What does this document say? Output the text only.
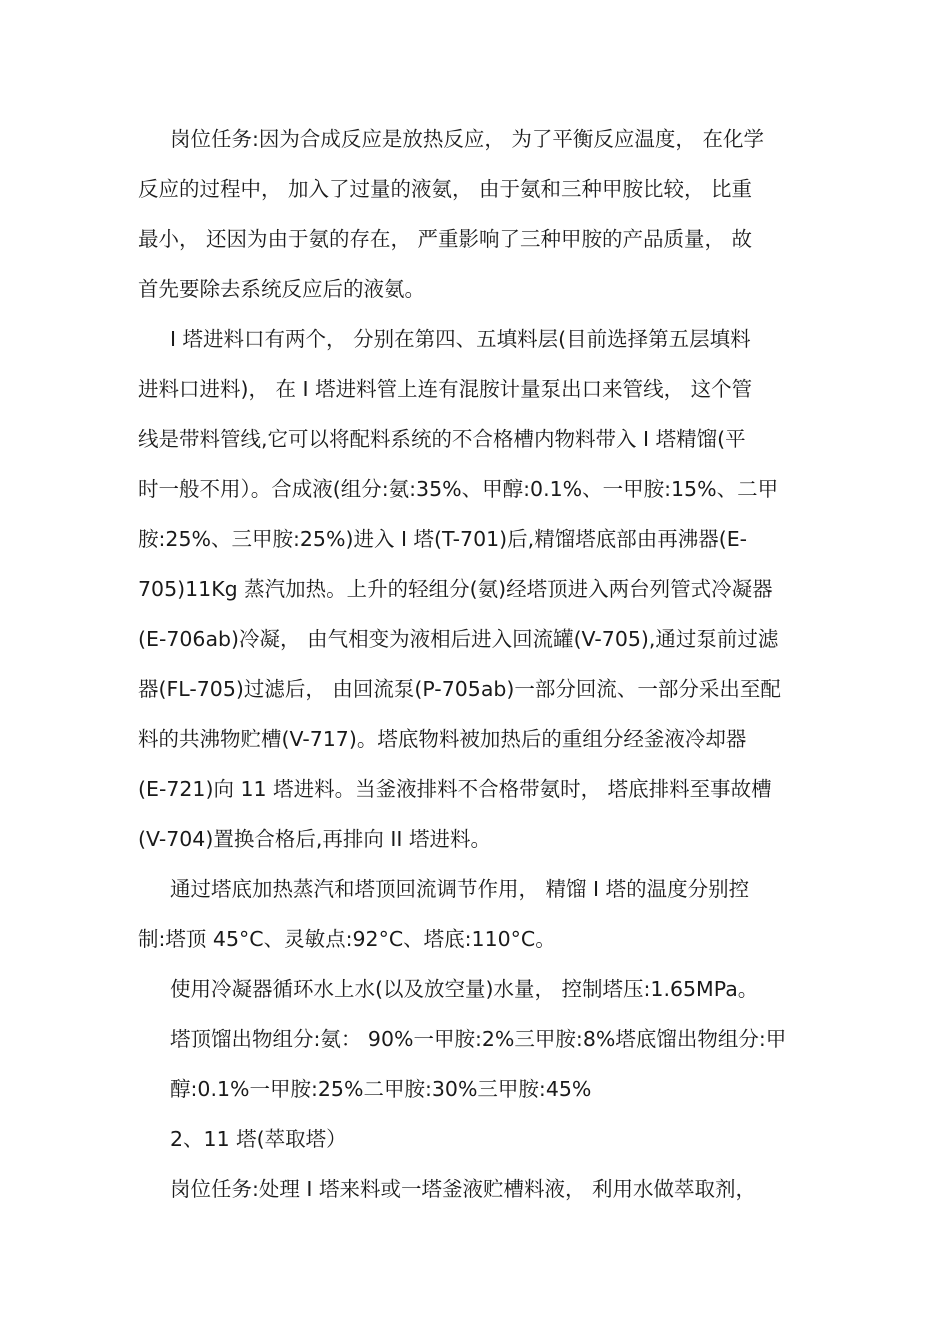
岗位任务:因为合成反应是放热反应， 为了平衡反应温度， 在化学
反应的过程中， 加入了过量的液氨， 由于氨和三种甲胺比较， 比重
最小， 还因为由于氨的存在， 严重影响了三种甲胺的产品质量， 故
首先要除去系统反应后的液氨。
I 塔进料口有两个， 分别在第四、五填料层(目前选择第五层填料
进料口进料)， 在 I 塔进料管上连有混胺计量泵出口来管线， 这个管
线是带料管线,它可以将配料系统的不合格槽内物料带入 I 塔精馏(平
时一般不用）。合成液(组分:氨:35%、甲醇:0.1%、一甲胺:15%、二甲
胺:25%、三甲胺:25%)进入 I 塔(T-701)后,精馏塔底部由再沸器(E-
705)11Kg 蒸汽加热。上升的轻组分(氨)经塔顶进入两台列管式冷凝器
(E-706ab)冷凝， 由气相变为液相后进入回流罐(V-705),通过泵前过滤
器(FL-705)过滤后， 由回流泵(P-705ab)一部分回流、一部分采出至配
料的共沸物贮槽(V-717)。塔底物料被加热后的重组分经釜液冷却器
(E-721)向 11 塔进料。当釜液排料不合格带氨时， 塔底排料至事故槽
(V-704)置换合格后,再排向 II 塔进料。
通过塔底加热蒸汽和塔顶回流调节作用， 精馏 I 塔的温度分别控
制:塔顶 45°C、灵敏点:92°C、塔底:110°C。
使用冷凝器循环水上水(以及放空量)水量， 控制塔压:1.65MPa。
塔顶馏出物组分:氨： 90%一甲胺:2%三甲胺:8%塔底馏出物组分:甲
醇:0.1%一甲胺:25%二甲胺:30%三甲胺:45%
2、11 塔(萃取塔）
岗位任务:处理 I 塔来料或一塔釜液贮槽料液， 利用水做萃取剂，
